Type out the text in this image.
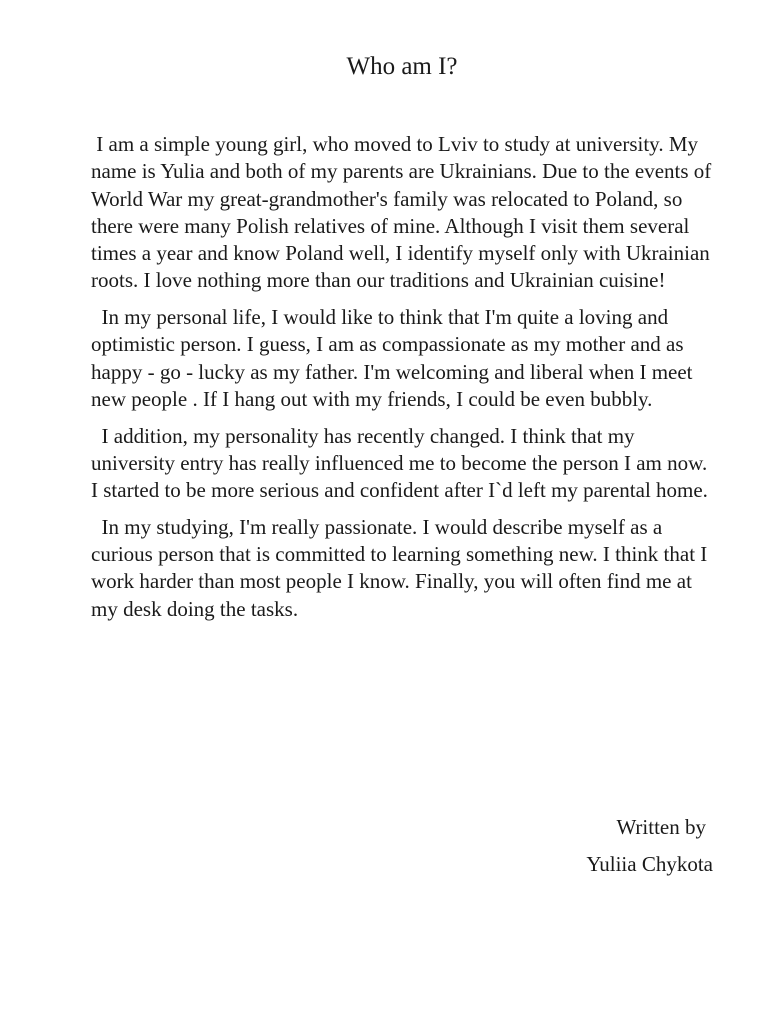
Who am I?

I am a simple young girl, who moved to Lviv to study at university. My name is Yulia and both of my parents are Ukrainians. Due to the events of World War my great-grandmother's family was relocated to Poland, so there were many Polish relatives of mine. Although I visit them several times a year and know Poland well, I identify myself only with Ukrainian roots. I love nothing more than our traditions and Ukrainian cuisine!

In my personal life, I would like to think that I'm quite a loving and optimistic person. I guess, I am as compassionate as my mother and as happy - go - lucky as my father. I'm welcoming and liberal when I meet new people . If I hang out with my friends, I could be even bubbly.

I addition, my personality has recently changed. I think that my university entry has really influenced me to become the person I am now. I started to be more serious and confident after I`d left my parental home.

In my studying, I'm really passionate. I would describe myself as a curious person that is committed to learning something new. I think that I work harder than most people I know. Finally, you will often find me at my desk doing the tasks.

Written by
Yuliia Chykota
